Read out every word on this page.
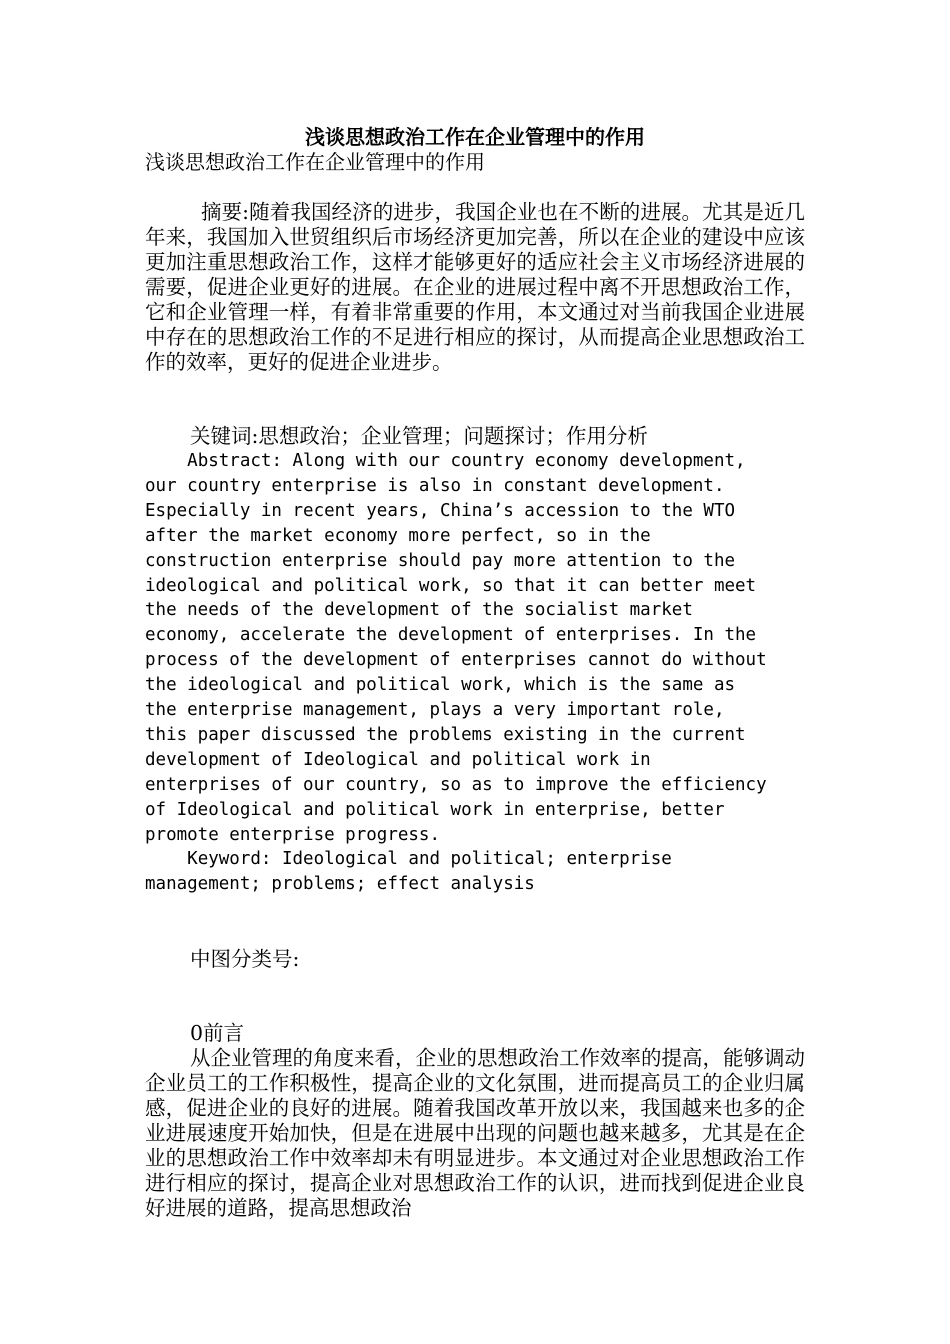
浅谈思想政治工作在企业管理中的作用

浅谈思想政治工作在企业管理中的作用

摘要:随着我国经济的进步，我国企业也在不断的进展。尤其是近几年来，我国加入世贸组织后市场经济更加完善，所以在企业的建设中应该更加注重思想政治工作，这样才能够更好的适应社会主义市场经济进展的需要，促进企业更好的进展。在企业的进展过程中离不开思想政治工作，它和企业管理一样，有着非常重要的作用，本文通过对当前我国企业进展中存在的思想政治工作的不足进行相应的探讨，从而提高企业思想政治工作的效率，更好的促进企业进步。

关键词:思想政治；企业管理；问题探讨；作用分析

Abstract: Along with our country economy development,
our country enterprise is also in constant development.
Especially in recent years, China’s accession to the WTO
after the market economy more perfect, so in the
construction enterprise should pay more attention to the
ideological and political work, so that it can better meet
the needs of the development of the socialist market
economy, accelerate the development of enterprises. In the
process of the development of enterprises cannot do without
the ideological and political work, which is the same as
the enterprise management, plays a very important role,
this paper discussed the problems existing in the current
development of Ideological and political work in
enterprises of our country, so as to improve the efficiency
of Ideological and political work in enterprise, better
promote enterprise progress.

Keyword: Ideological and political; enterprise
management; problems; effect analysis

中图分类号:

0前言

从企业管理的角度来看，企业的思想政治工作效率的提高，能够调动企业员工的工作积极性，提高企业的文化氛围，进而提高员工的企业归属感，促进企业的良好的进展。随着我国改革开放以来，我国越来也多的企业进展速度开始加快，但是在进展中出现的问题也越来越多，尤其是在企业的思想政治工作中效率却未有明显进步。本文通过对企业思想政治工作进行相应的探讨，提高企业对思想政治工作的认识，进而找到促进企业良好进展的道路，提高思想政治
